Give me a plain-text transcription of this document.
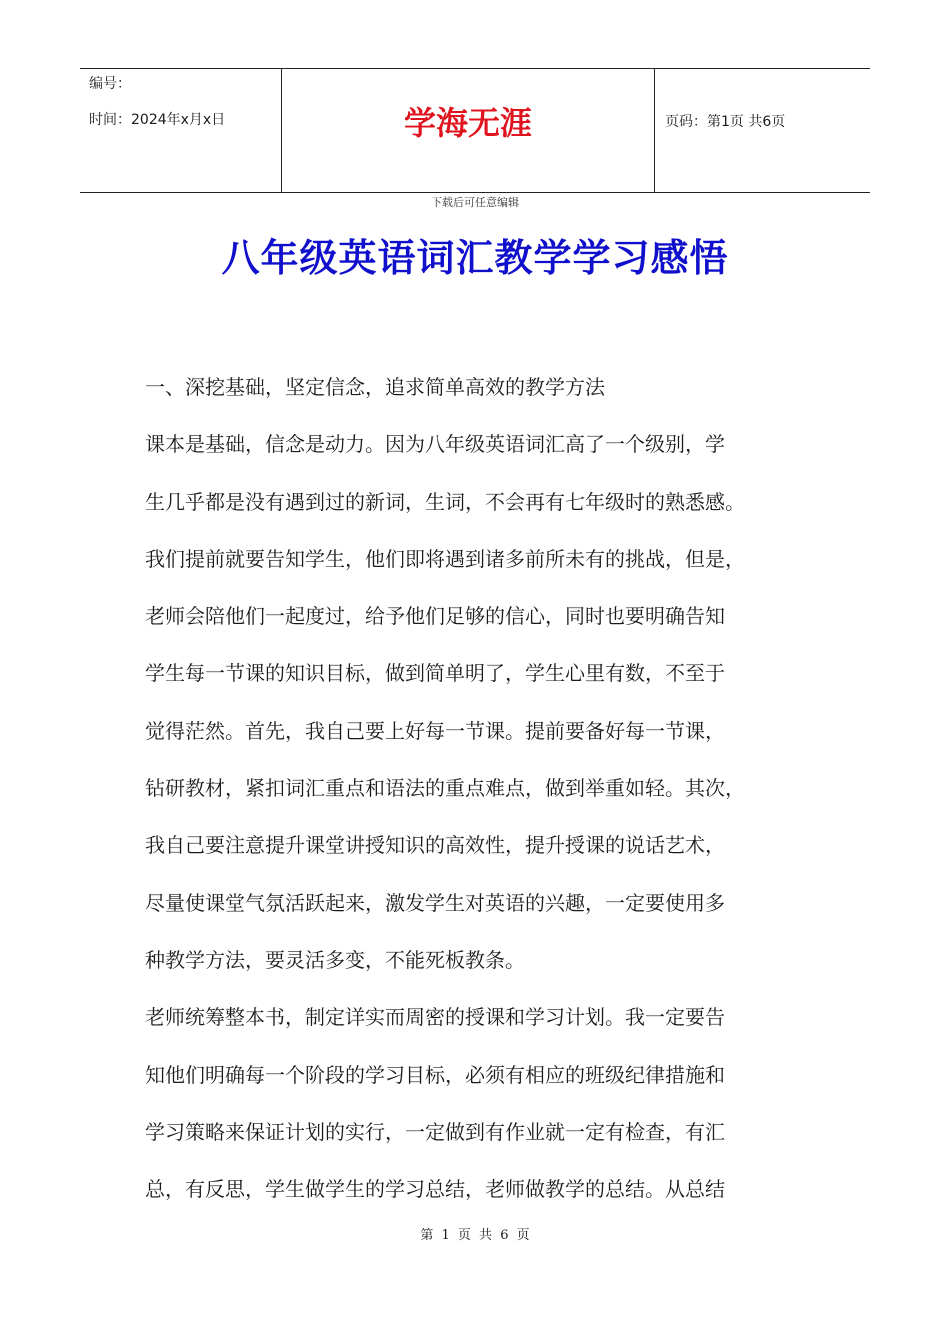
编号：
时间：2024年x月x日	学海无涯	页码：第1页 共6页
下载后可任意编辑
八年级英语词汇教学学习感悟
一、深挖基础，坚定信念，追求简单高效的教学方法
课本是基础，信念是动力。因为八年级英语词汇高了一个级别，学
生几乎都是没有遇到过的新词，生词，不会再有七年级时的熟悉感。
我们提前就要告知学生，他们即将遇到诸多前所未有的挑战，但是，
老师会陪他们一起度过，给予他们足够的信心，同时也要明确告知
学生每一节课的知识目标，做到简单明了，学生心里有数，不至于
觉得茫然。首先，我自己要上好每一节课。提前要备好每一节课，
钻研教材，紧扣词汇重点和语法的重点难点，做到举重如轻。其次，
我自己要注意提升课堂讲授知识的高效性，提升授课的说话艺术，
尽量使课堂气氛活跃起来，激发学生对英语的兴趣，一定要使用多
种教学方法，要灵活多变，不能死板教条。
老师统筹整本书，制定详实而周密的授课和学习计划。我一定要告
知他们明确每一个阶段的学习目标，必须有相应的班级纪律措施和
学习策略来保证计划的实行，一定做到有作业就一定有检查，有汇
总，有反思，学生做学生的学习总结，老师做教学的总结。从总结
第 1 页 共 6 页
